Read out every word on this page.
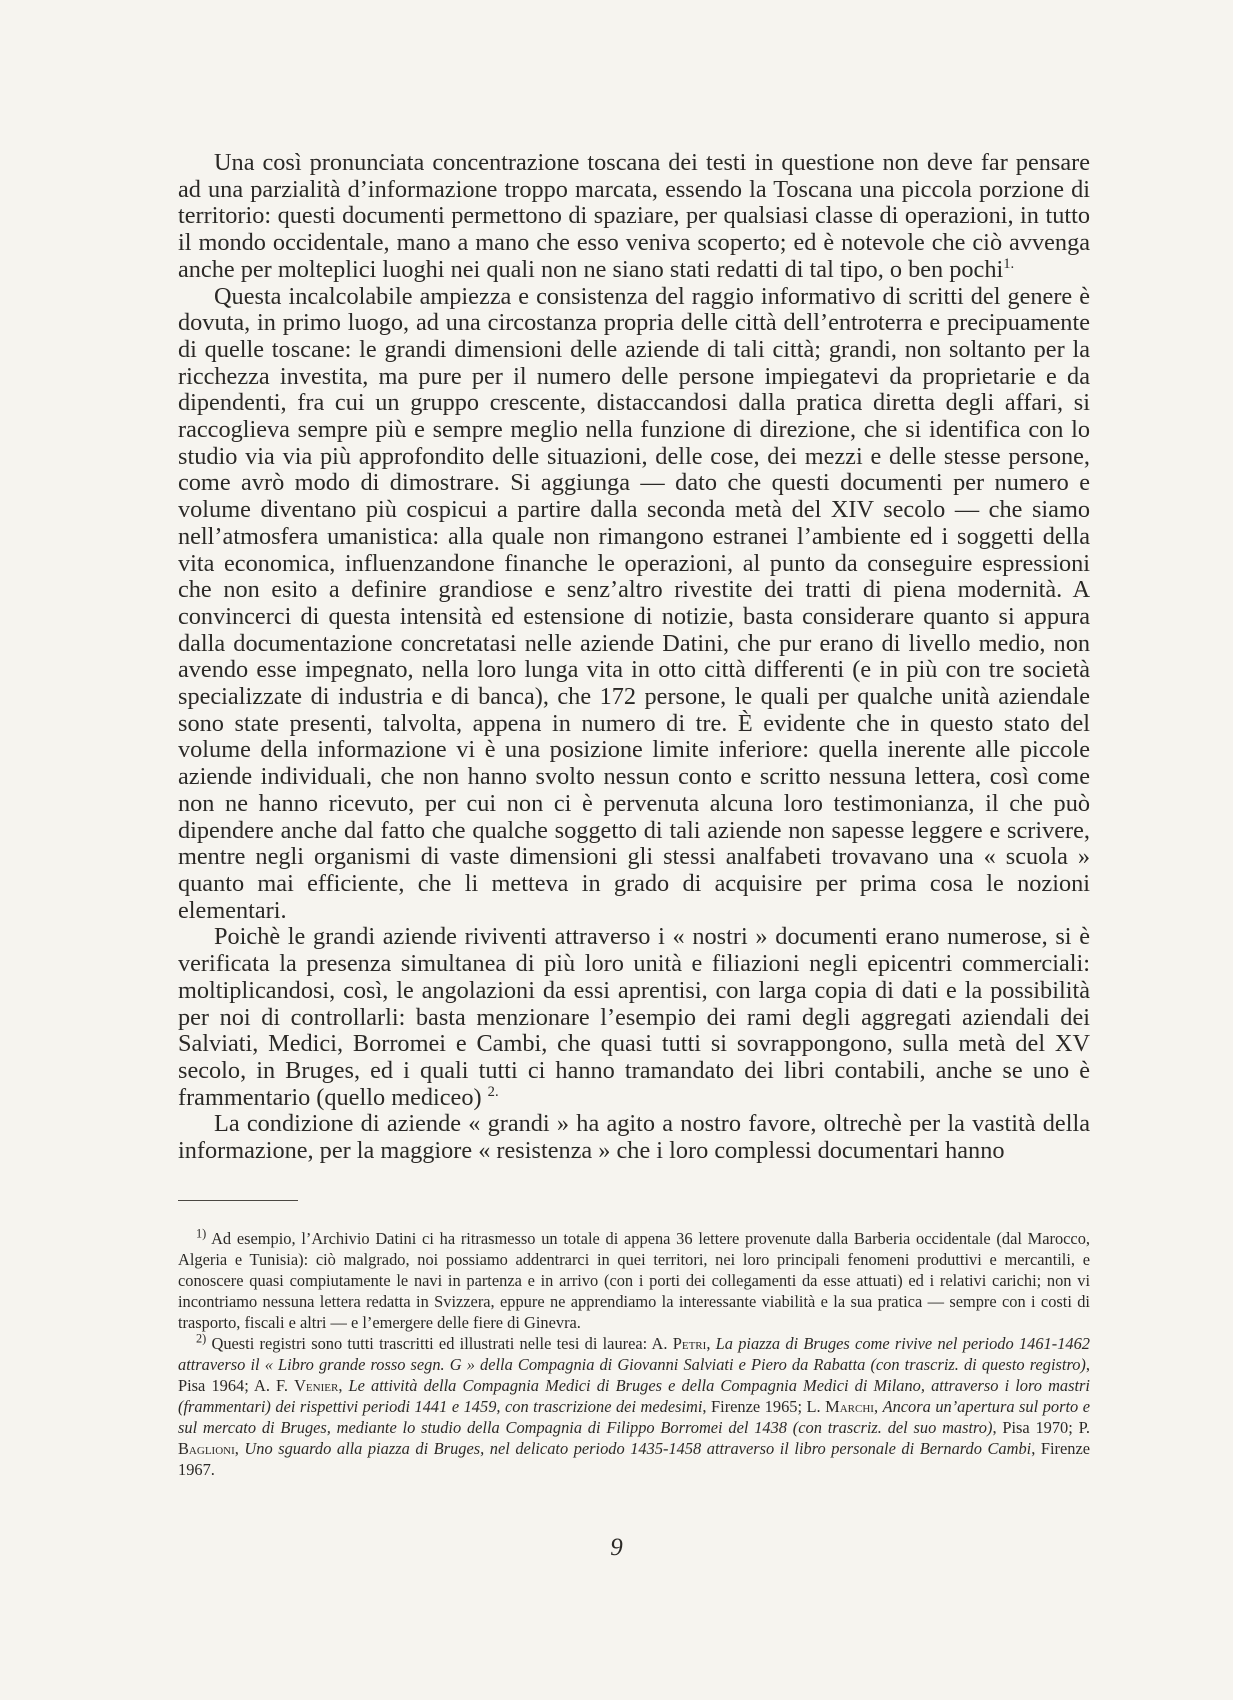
Una così pronunciata concentrazione toscana dei testi in questione non deve far pensare ad una parzialità d’informazione troppo marcata, essendo la Toscana una piccola porzione di territorio: questi documenti permettono di spaziare, per qualsiasi classe di operazioni, in tutto il mondo occidentale, mano a mano che esso veniva scoperto; ed è notevole che ciò avvenga anche per molteplici luoghi nei quali non ne siano stati redatti di tal tipo, o ben pochi$^{1.}$

Questa incalcolabile ampiezza e consistenza del raggio informativo di scritti del genere è dovuta, in primo luogo, ad una circostanza propria delle città dell’entroterra e precipuamente di quelle toscane: le grandi dimensioni delle aziende di tali città; grandi, non soltanto per la ricchezza investita, ma pure per il numero delle persone impiegatevi da proprietarie e da dipendenti, fra cui un gruppo crescente, distaccandosi dalla pratica diretta degli affari, si raccoglieva sempre più e sempre meglio nella funzione di direzione, che si identifica con lo studio via via più approfondito delle situazioni, delle cose, dei mezzi e delle stesse persone, come avrò modo di dimostrare. Si aggiunga — dato che questi documenti per numero e volume diventano più cospicui a partire dalla seconda metà del XIV secolo — che siamo nell’atmosfera umanistica: alla quale non rimangono estranei l’ambiente ed i soggetti della vita economica, influenzandone finanche le operazioni, al punto da conseguire espressioni che non esito a definire grandiose e senz’altro rivestite dei tratti di piena modernità. A convincerci di questa intensità ed estensione di notizie, basta considerare quanto si appura dalla documentazione concretatasi nelle aziende Datini, che pur erano di livello medio, non avendo esse impegnato, nella loro lunga vita in otto città differenti (e in più con tre società specializzate di industria e di banca), che 172 persone, le quali per qualche unità aziendale sono state presenti, talvolta, appena in numero di tre. È evidente che in questo stato del volume della informazione vi è una posizione limite inferiore: quella inerente alle piccole aziende individuali, che non hanno svolto nessun conto e scritto nessuna lettera, così come non ne hanno ricevuto, per cui non ci è pervenuta alcuna loro testimonianza, il che può dipendere anche dal fatto che qualche soggetto di tali aziende non sapesse leggere e scrivere, mentre negli organismi di vaste dimensioni gli stessi analfabeti trovavano una « scuola » quanto mai efficiente, che li metteva in grado di acquisire per prima cosa le nozioni elementari.

Poichè le grandi aziende riviventi attraverso i « nostri » documenti erano numerose, si è verificata la presenza simultanea di più loro unità e filiazioni negli epicentri commerciali: moltiplicandosi, così, le angolazioni da essi aprentisi, con larga copia di dati e la possibilità per noi di controllarli: basta menzionare l’esempio dei rami degli aggregati aziendali dei Salviati, Medici, Borromei e Cambi, che quasi tutti si sovrappongono, sulla metà del XV secolo, in Bruges, ed i quali tutti ci hanno tramandato dei libri contabili, anche se uno è frammentario (quello mediceo) $^{2.}$

La condizione di aziende « grandi » ha agito a nostro favore, oltrechè per la vastità della informazione, per la maggiore « resistenza » che i loro complessi documentari hanno

$^{1)}$ Ad esempio, l’Archivio Datini ci ha ritrasmesso un totale di appena 36 lettere provenute dalla Barberia occidentale (dal Marocco, Algeria e Tunisia): ciò malgrado, noi possiamo addentrarci in quei territori, nei loro principali fenomeni produttivi e mercantili, e conoscere quasi compiutamente le navi in partenza e in arrivo (con i porti dei collegamenti da esse attuati) ed i relativi carichi; non vi incontriamo nessuna lettera redatta in Svizzera, eppure ne apprendiamo la interessante viabilità e la sua pratica — sempre con i costi di trasporto, fiscali e altri — e l’emergere delle fiere di Ginevra.

$^{2)}$ Questi registri sono tutti trascritti ed illustrati nelle tesi di laurea: A. Petri, La piazza di Bruges come rivive nel periodo 1461-1462 attraverso il « Libro grande rosso segn. G » della Compagnia di Giovanni Salviati e Piero da Rabatta (con trascriz. di questo registro), Pisa 1964; A. F. Venier, Le attività della Compagnia Medici di Bruges e della Compagnia Medici di Milano, attraverso i loro mastri (frammentari) dei rispettivi periodi 1441 e 1459, con trascrizione dei medesimi, Firenze 1965; L. Marchi, Ancora un’apertura sul porto e sul mercato di Bruges, mediante lo studio della Compagnia di Filippo Borromei del 1438 (con trascriz. del suo mastro), Pisa 1970; P. Baglioni, Uno sguardo alla piazza di Bruges, nel delicato periodo 1435-1458 attraverso il libro personale di Bernardo Cambi, Firenze 1967.

9
